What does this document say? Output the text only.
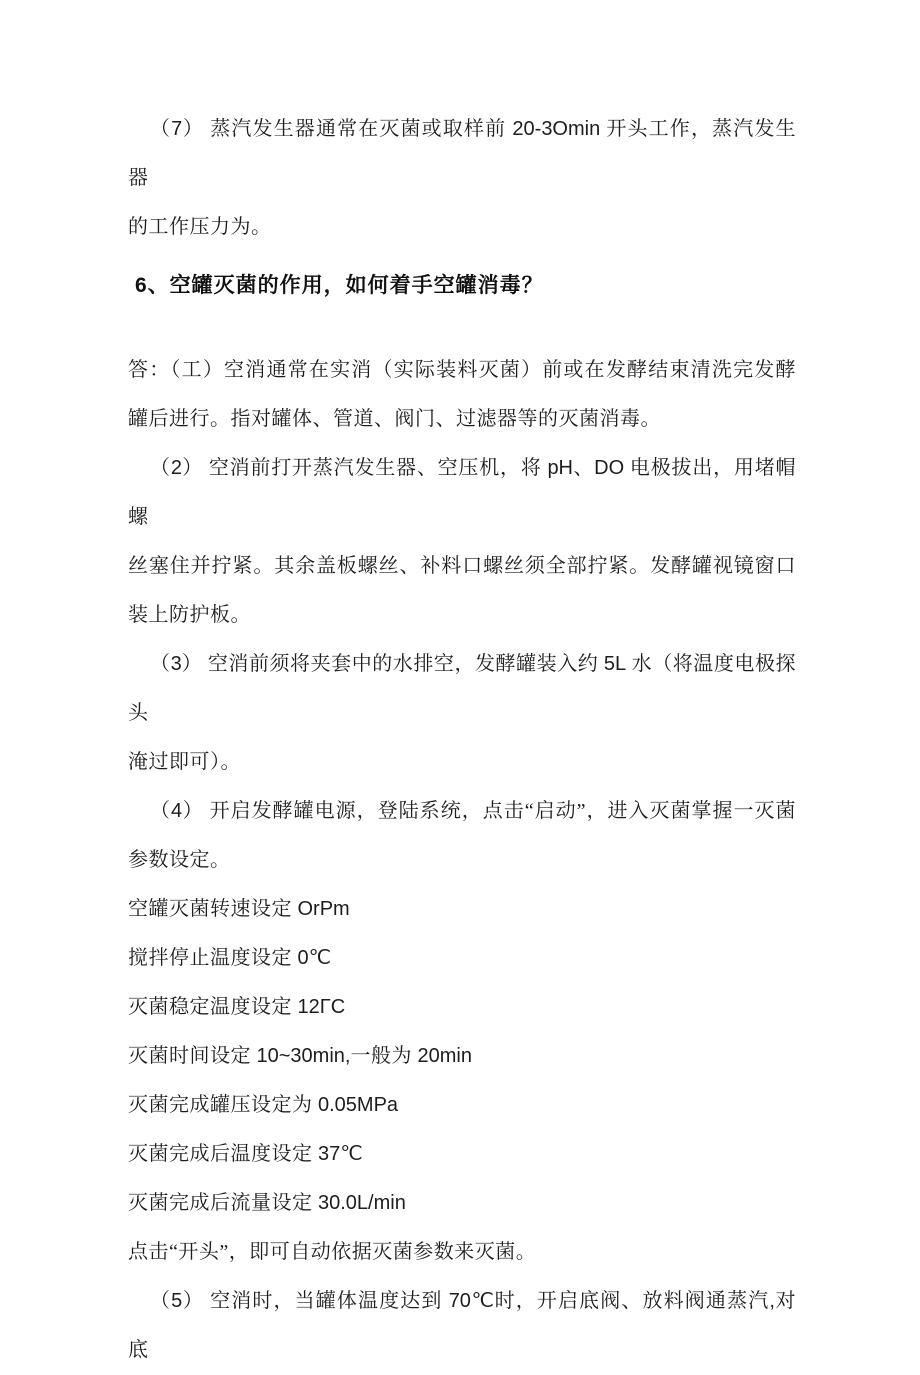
（7） 蒸汽发生器通常在灭菌或取样前 20-3Omin 开头工作，蒸汽发生器

的工作压力为。

6、空罐灭菌的作用，如何着手空罐消毒？

答：（工）空消通常在实消（实际装料灭菌）前或在发酵结束清洗完发酵

罐后进行。指对罐体、管道、阀门、过滤器等的灭菌消毒。

（2） 空消前打开蒸汽发生器、空压机，将 pH、DO 电极拔出，用堵帽螺

丝塞住并拧紧。其余盖板螺丝、补料口螺丝须全部拧紧。发酵罐视镜窗口

装上防护板。

（3） 空消前须将夹套中的水排空，发酵罐装入约 5L 水（将温度电极探头

淹过即可）。

（4） 开启发酵罐电源，登陆系统，点击“启动”，进入灭菌掌握一灭菌

参数设定。

空罐灭菌转速设定 OrPm

搅拌停止温度设定 0℃

灭菌稳定温度设定 12ΓC

灭菌时间设定 10~30min,一般为 20min

灭菌完成罐压设定为 0.05MPa

灭菌完成后温度设定 37℃

灭菌完成后流量设定 30.0L/min

点击“开头”，即可自动依据灭菌参数来灭菌。

（5） 空消时，当罐体温度达到 70℃时，开启底阀、放料阀通蒸汽,对底
